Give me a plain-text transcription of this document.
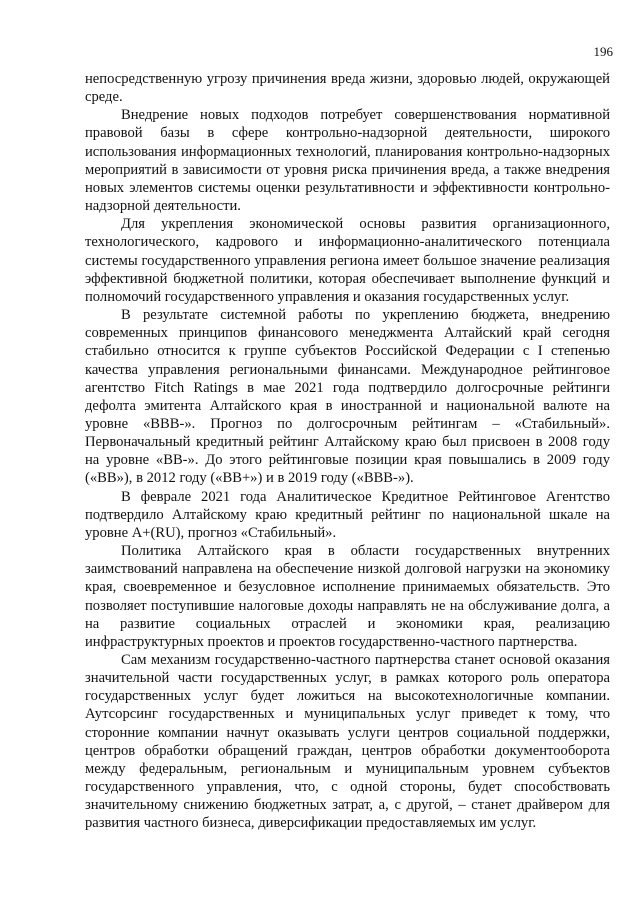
196

непосредственную угрозу причинения вреда жизни, здоровью людей, окружающей среде.

Внедрение новых подходов потребует совершенствования нормативной правовой базы в сфере контрольно-надзорной деятельности, широкого использования информационных технологий, планирования контрольно-надзорных мероприятий в зависимости от уровня риска причинения вреда, а также внедрения новых элементов системы оценки результативности и эффективности контрольно-надзорной деятельности.

Для укрепления экономической основы развития организационного, технологического, кадрового и информационно-аналитического потенциала системы государственного управления региона имеет большое значение реализация эффективной бюджетной политики, которая обеспечивает выполнение функций и полномочий государственного управления и оказания государственных услуг.

В результате системной работы по укреплению бюджета, внедрению современных принципов финансового менеджмента Алтайский край сегодня стабильно относится к группе субъектов Российской Федерации с I степенью качества управления региональными финансами. Международное рейтинговое агентство Fitch Ratings в мае 2021 года подтвердило долгосрочные рейтинги дефолта эмитента Алтайского края в иностранной и национальной валюте на уровне «BBB-». Прогноз по долгосрочным рейтингам – «Стабильный». Первоначальный кредитный рейтинг Алтайскому краю был присвоен в 2008 году на уровне «ВВ-». До этого рейтинговые позиции края повышались в 2009 году («ВВ»), в 2012 году («ВВ+») и в 2019 году («ВВВ-»).

В феврале 2021 года Аналитическое Кредитное Рейтинговое Агентство подтвердило Алтайскому краю кредитный рейтинг по национальной шкале на уровне А+(RU), прогноз «Стабильный».

Политика Алтайского края в области государственных внутренних заимствований направлена на обеспечение низкой долговой нагрузки на экономику края, своевременное и безусловное исполнение принимаемых обязательств. Это позволяет поступившие налоговые доходы направлять не на обслуживание долга, а на развитие социальных отраслей и экономики края, реализацию инфраструктурных проектов и проектов государственно-частного партнерства.

Сам механизм государственно-частного партнерства станет основой оказания значительной части государственных услуг, в рамках которого роль оператора государственных услуг будет ложиться на высокотехнологичные компании. Аутсорсинг государственных и муниципальных услуг приведет к тому, что сторонние компании начнут оказывать услуги центров социальной поддержки, центров обработки обращений граждан, центров обработки документооборота между федеральным, региональным и муниципальным уровнем субъектов государственного управления, что, с одной стороны, будет способствовать значительному снижению бюджетных затрат, а, с другой, – станет драйвером для развития частного бизнеса, диверсификации предоставляемых им услуг.
